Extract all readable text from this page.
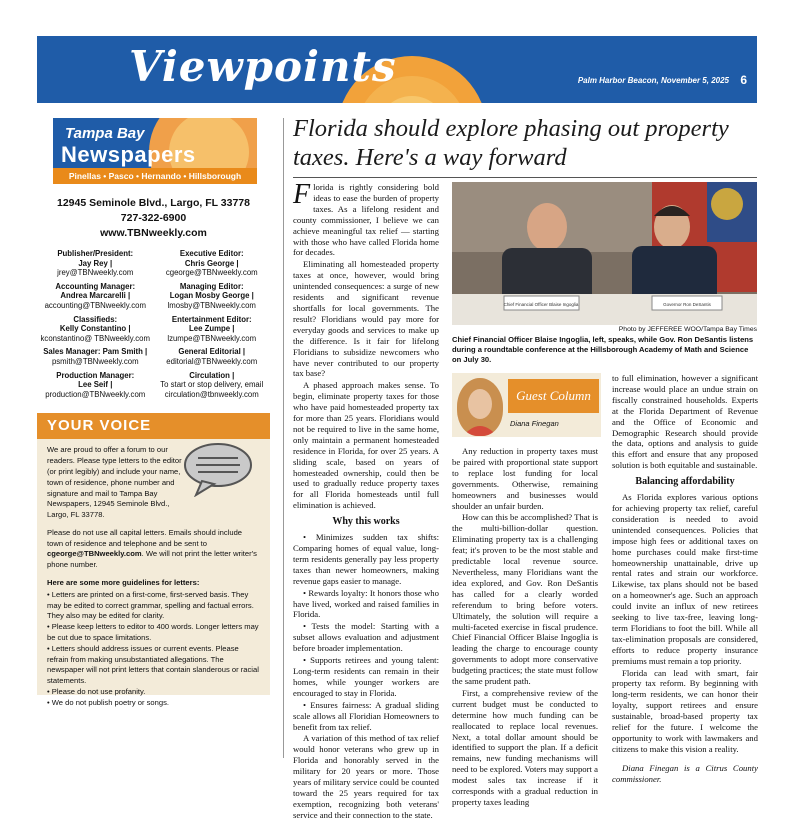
Viewpoints	Palm Harbor Beacon, November 5, 2025 6
Tampa Bay
Newspapers
Pinellas • Pasco • Hernando • Hillsborough
12945 Seminole Blvd., Largo, FL 33778
727-322-6900
www.TBNweekly.com
Publisher/President:
Jay Rey |
jrey@TBNweekly.com
Accounting Manager:
Andrea Marcarelli |
accounting@TBNweekly.com
Classifieds:
Kelly Constantino |
kconstantino@ TBNweekly.com
Sales Manager: Pam Smith |
psmith@TBNweekly.com
Production Manager:
Lee Seif |
production@TBNweekly.com
Executive Editor:
Chris George |
cgeorge@TBNweekly.com
Managing Editor:
Logan Mosby George |
lmosby@TBNweekly.com
Entertainment Editor:
Lee Zumpe |
lzumpe@TBNweekly.com
General Editorial |
editorial@TBNweekly.com
Circulation |
To start or stop delivery, email circulation@tbnweekly.com
YOUR VOICE

We are proud to offer a forum to our readers. Please type letters to the editor (or print legibly) and include your name, town of residence, phone number and signature and mail to Tampa Bay Newspapers, 12945 Seminole Blvd., Largo, FL 33778.

Please do not use all capital letters. Emails should include town of residence and telephone and be sent to cgeorge@TBNweekly.com. We will not print the letter writer's phone number.

Here are some more guidelines for letters:

• Letters are printed on a first-come, first-served basis. They may be edited to correct grammar, spelling and factual errors. They also may be edited for clarity.
• Please keep letters to editor to 400 words. Longer letters may be cut due to space limitations.
• Letters should address issues or current events. Please refrain from making unsubstantiated allegations. The newspaper will not print letters that contain slanderous or racial statements.
• Please do not use profanity.
• We do not publish poetry or songs.
Florida should explore phasing out property taxes. Here's a way forward

Florida is rightly considering bold ideas to ease the burden of property taxes. As a lifelong resident and county commissioner, I believe we can achieve meaningful tax relief — starting with those who have called Florida home for decades.

Eliminating all homesteaded property taxes at once, however, would bring unintended consequences: a surge of new residents and significant revenue shortfalls for local governments. The result? Floridians would pay more for everyday goods and services to make up the difference. Is it fair for lifelong Floridians to subsidize newcomers who have never contributed to our property tax base?

A phased approach makes sense. To begin, eliminate property taxes for those who have paid homesteaded property tax for more than 25 years. Floridians would not be required to live in the same home, only maintain a permanent homesteaded residence in Florida, for over 25 years. A sliding scale, based on years of homesteaded ownership, could then be used to gradually reduce property taxes for all Florida homesteads until full elimination is achieved.

Why this works

• Minimizes sudden tax shifts: Comparing homes of equal value, long-term residents generally pay less property taxes than newer homeowners, making revenue gaps easier to manage.

• Rewards loyalty: It honors those who have lived, worked and raised families in Florida.

• Tests the model: Starting with a subset allows evaluation and adjustment before broader implementation.

• Supports retirees and young talent: Long-term residents can remain in their homes, while younger workers are encouraged to stay in Florida.

• Ensures fairness: A gradual sliding scale allows all Floridian Homeowners to benefit from tax relief.

A variation of this method of tax relief would honor veterans who grew up in Florida and honorably served in the military for 20 years or more. Those years of military service could be counted toward the 25 years required for tax exemption, recognizing both veterans' service and their connection to the state.

Chief Financial Officer Blaise Ingoglia	Governor Ron DeSantis
Photo by JEFFEREE WOO/Tampa Bay Times
Chief Financial Officer Blaise Ingoglia, left, speaks, while Gov. Ron DeSantis listens during a roundtable conference at the Hillsborough Academy of Math and Science on July 30.
Guest Column
Diana Finegan

Any reduction in property taxes must be paired with proportional state support to replace lost funding for local governments. Otherwise, remaining homeowners and businesses would shoulder an unfair burden.

How can this be accomplished? That is the multi-billion-dollar question. Eliminating property tax is a challenging feat; it's proven to be the most stable and predictable local revenue source. Nevertheless, many Floridians want the idea explored, and Gov. Ron DeSantis has called for a clearly worded referendum to bring before voters. Ultimately, the solution will require a multi-faceted exercise in fiscal prudence. Chief Financial Officer Blaise Ingoglia is leading the charge to encourage county governments to adopt more conservative budgeting practices; the state must follow the same prudent path.

First, a comprehensive review of the current budget must be conducted to determine how much funding can be reallocated to replace local revenues. Next, a total dollar amount should be identified to support the plan. If a deficit remains, new funding mechanisms will need to be explored. Voters may support a modest sales tax increase if it corresponds with a gradual reduction in property taxes leading

to full elimination, however a significant increase would place an undue strain on fiscally constrained households. Experts at the Florida Department of Revenue and the Office of Economic and Demographic Research should provide the data, options and analysis to guide this effort and ensure that any proposed solution is both equitable and sustainable.

Balancing affordability

As Florida explores various options for achieving property tax relief, careful consideration is needed to avoid unintended consequences. Policies that impose high fees or additional taxes on home purchases could make first-time homeownership unattainable, drive up rental rates and strain our workforce. Likewise, tax plans should not be based on a homeowner's age. Such an approach could invite an influx of new retirees seeking to live tax-free, leaving long-term Floridians to foot the bill. While all tax-elimination proposals are considered, efforts to reduce property insurance premiums must remain a top priority.

Florida can lead with smart, fair property tax reform. By beginning with long-term residents, we can honor their loyalty, support retirees and ensure sustainable, broad-based property tax relief for the future. I welcome the opportunity to work with lawmakers and citizens to make this vision a reality.

Diana Finegan is a Citrus County commissioner.
